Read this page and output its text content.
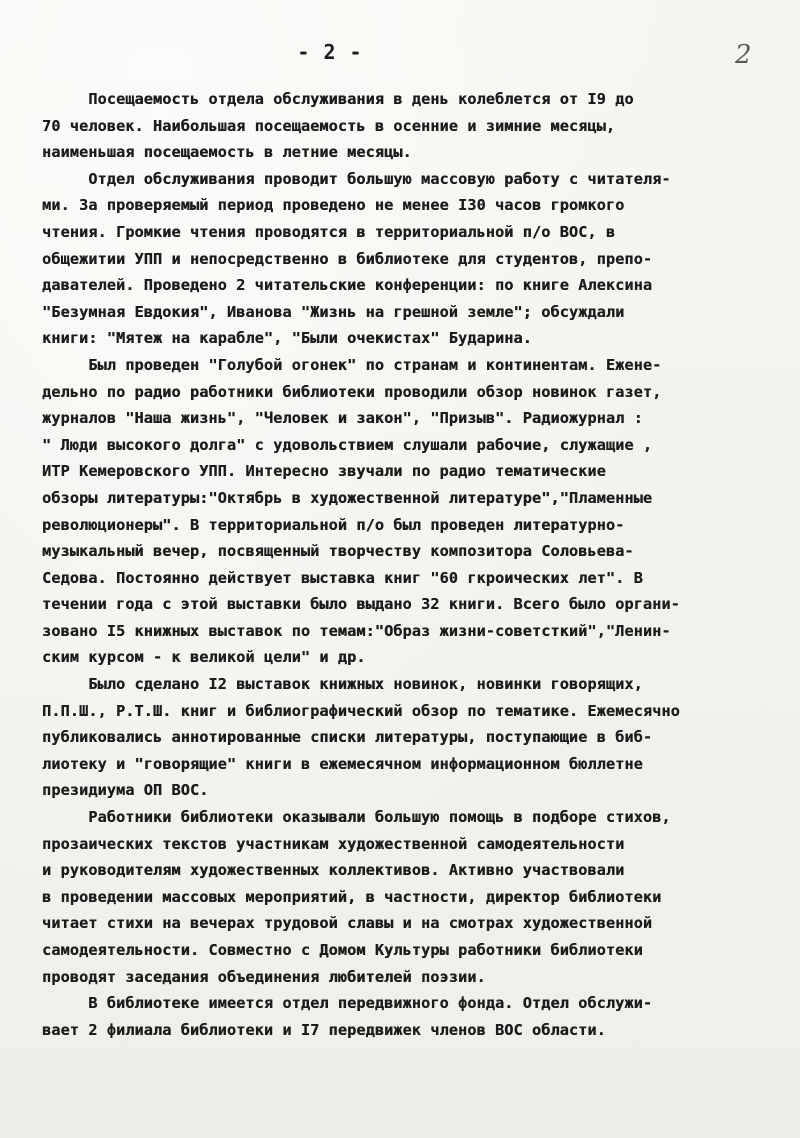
- 2 -	2
Посещаемость отдела обслуживания в день колеблется от I9 до
70 человек. Наибольшая посещаемость в осенние и зимние месяцы,
наименьшая посещаемость в летние месяцы.
Отдел обслуживания проводит большую массовую работу с читателя-
ми. За проверяемый период проведено не менее I30 часов громкого
чтения. Громкие чтения проводятся в территориальной п/о ВОС, в
общежитии УПП и непосредственно в библиотеке для студентов, препо-
давателей. Проведено 2 читательские конференции: по книге Алексина
"Безумная Евдокия", Иванова "Жизнь на грешной земле"; обсуждали
книги: "Мятеж на карабле", "Были очекистах" Бударина.
Был проведен "Голубой огонек" по странам и континентам. Еженe-
дельно по радио работники библиотеки проводили обзор новинок газет,
журналов "Наша жизнь", "Человек и закон", "Призыв". Радиожурнал :
" Люди высокого долга" с удовольствием слушали рабочие, служащие ,
ИТР Кемеровского УПП. Интересно звучали по радио тематические
обзоры литературы:"Октябрь в художественной литературе","Пламенные
революционеры". В территориальной п/о был проведен литературно-
музыкальный вечер, посвященный творчеству композитора Соловьева-
Седова. Постоянно действует выставка книг "60 гкроических лет". В
течении года с этой выставки было выдано 32 книги. Всего было органи-
зовано I5 книжных выставок по темам:"Образ жизни-советсткий","Ленин-
ским курсом - к великой цели" и др.
Было сделано I2 выставок книжных новинок, новинки говорящих,
П.П.Ш., Р.Т.Ш. книг и библиографический обзор по тематике. Ежемесячно
публиковались аннотированные списки литературы, поступающие в биб-
лиотеку и "говорящие" книги в ежемесячном информационном бюллетне
президиума ОП ВОС.
Работники библиотеки оказывали большую помощь в подборе стихов,
прозаических текстов участникам художественной самодеятельности
и руководителям художественных коллективов. Активно участвовали
в проведении массовых мероприятий, в частности, директор библиотеки
читает стихи на вечерах трудовой славы и на смотрах художественной
самодеятельности. Совместно с Домом Культуры работники библиотеки
проводят заседания объединения любителей поэзии.
В библиотеке имеется отдел передвижного фонда. Отдел обслужи-
вает 2 филиала библиотеки и I7 передвижек членов ВОС области.
